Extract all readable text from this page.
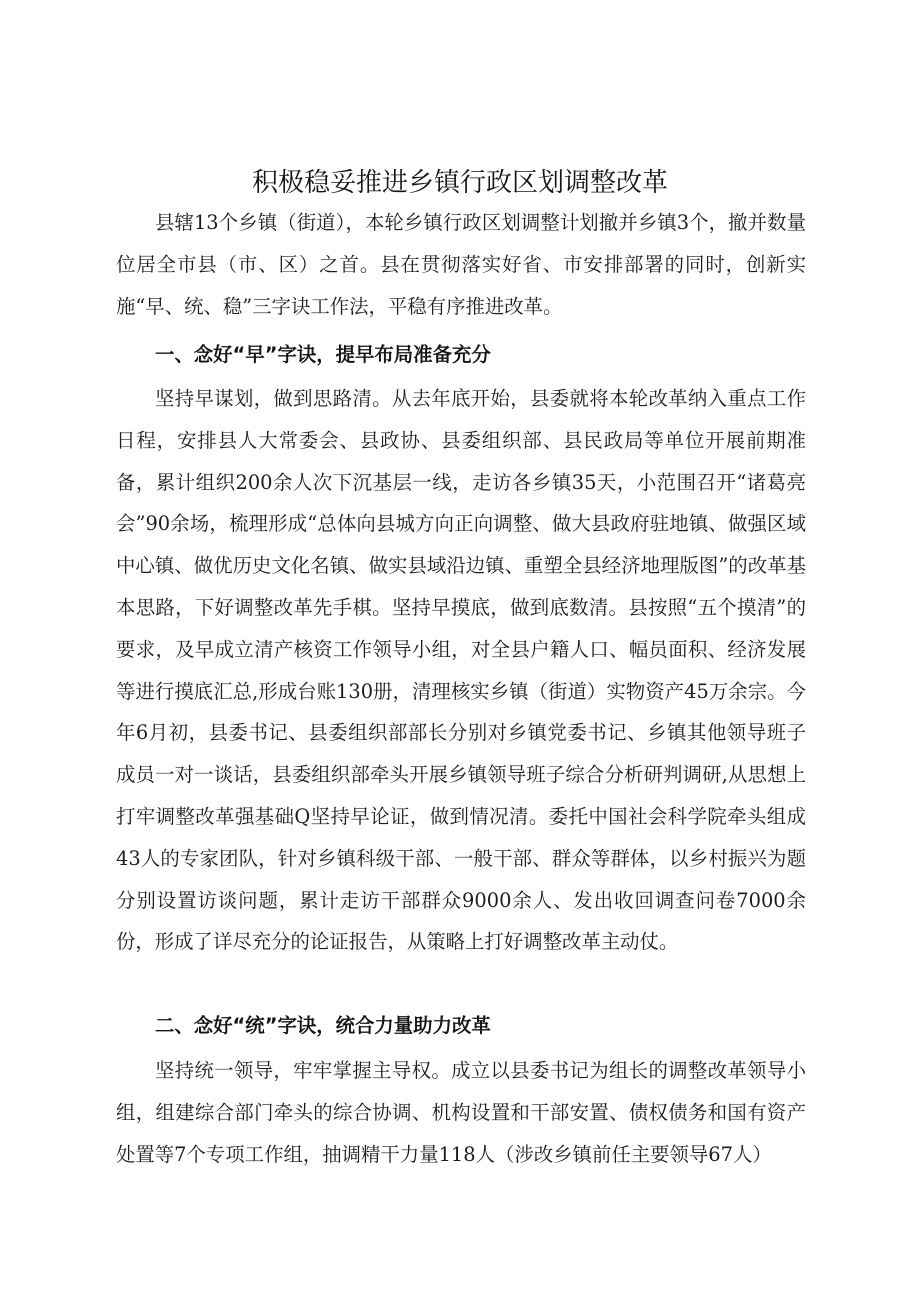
积极稳妥推进乡镇行政区划调整改革

县辖13个乡镇（街道），本轮乡镇行政区划调整计划撤并乡镇3个，撤并数量位居全市县（市、区）之首。县在贯彻落实好省、市安排部署的同时，创新实施“早、统、稳”三字诀工作法，平稳有序推进改革。

一、念好“早”字诀，提早布局准备充分

坚持早谋划，做到思路清。从去年底开始，县委就将本轮改革纳入重点工作日程，安排县人大常委会、县政协、县委组织部、县民政局等单位开展前期准备，累计组织200余人次下沉基层一线，走访各乡镇35天，小范围召开“诸葛亮会”90余场，梳理形成“总体向县城方向正向调整、做大县政府驻地镇、做强区域中心镇、做优历史文化名镇、做实县域沿边镇、重塑全县经济地理版图”的改革基本思路，下好调整改革先手棋。坚持早摸底，做到底数清。县按照“五个摸清”的要求，及早成立清产核资工作领导小组，对全县户籍人口、幅员面积、经济发展等进行摸底汇总,形成台账130册，清理核实乡镇（街道）实物资产45万余宗。今年6月初，县委书记、县委组织部部长分别对乡镇党委书记、乡镇其他领导班子成员一对一谈话，县委组织部牵头开展乡镇领导班子综合分析研判调研,从思想上打牢调整改革强基础Q坚持早论证，做到情况清。委托中国社会科学院牵头组成43人的专家团队，针对乡镇科级干部、一般干部、群众等群体，以乡村振兴为题分别设置访谈问题，累计走访干部群众9000余人、发出收回调查问卷7000余份，形成了详尽充分的论证报告，从策略上打好调整改革主动仗。

二、念好“统”字诀，统合力量助力改革

坚持统一领导，牢牢掌握主导权。成立以县委书记为组长的调整改革领导小组，组建综合部门牵头的综合协调、机构设置和干部安置、债权债务和国有资产处置等7个专项工作组，抽调精干力量118人（涉改乡镇前任主要领导67人）
